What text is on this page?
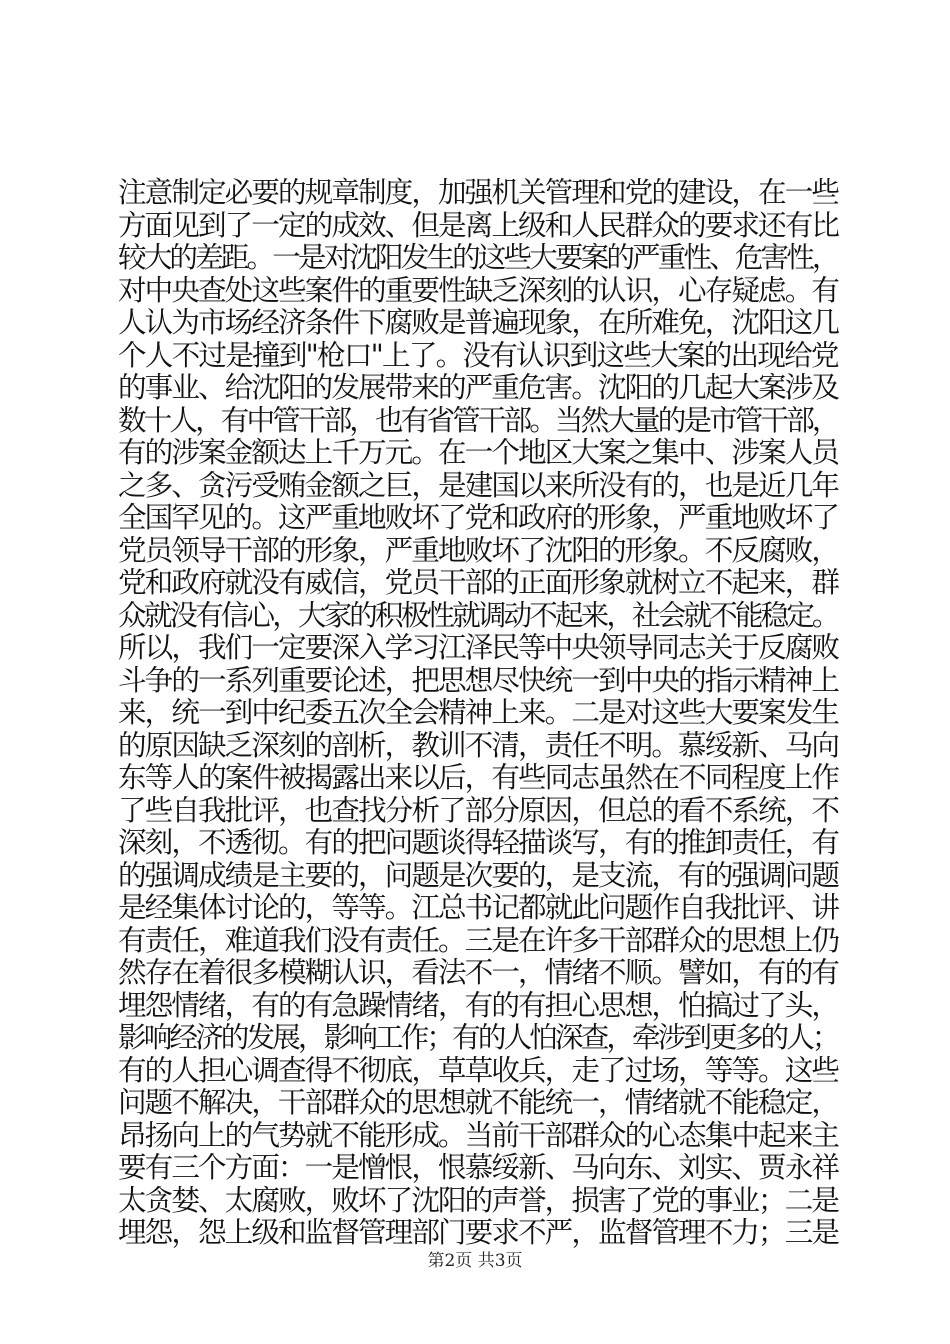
注意制定必要的规章制度，加强机关管理和党的建设，在一些
方面见到了一定的成效、但是离上级和人民群众的要求还有比
较大的差距。一是对沈阳发生的这些大要案的严重性、危害性，
对中央查处这些案件的重要性缺乏深刻的认识，心存疑虑。有
人认为市场经济条件下腐败是普遍现象，在所难免，沈阳这几
个人不过是撞到"枪口"上了。没有认识到这些大案的出现给党
的事业、给沈阳的发展带来的严重危害。沈阳的几起大案涉及
数十人，有中管干部，也有省管干部。当然大量的是市管干部，
有的涉案金额达上千万元。在一个地区大案之集中、涉案人员
之多、贪污受贿金额之巨，是建国以来所没有的，也是近几年
全国罕见的。这严重地败坏了党和政府的形象，严重地败坏了
党员领导干部的形象，严重地败坏了沈阳的形象。不反腐败，
党和政府就没有威信，党员干部的正面形象就树立不起来，群
众就没有信心，大家的积极性就调动不起来，社会就不能稳定。
所以，我们一定要深入学习江泽民等中央领导同志关于反腐败
斗争的一系列重要论述，把思想尽快统一到中央的指示精神上
来，统一到中纪委五次全会精神上来。二是对这些大要案发生
的原因缺乏深刻的剖析，教训不清，责任不明。慕绥新、马向
东等人的案件被揭露出来以后，有些同志虽然在不同程度上作
了些自我批评，也查找分析了部分原因，但总的看不系统，不
深刻，不透彻。有的把问题谈得轻描谈写，有的推卸责任，有
的强调成绩是主要的，问题是次要的，是支流，有的强调问题
是经集体讨论的，等等。江总书记都就此问题作自我批评、讲
有责任，难道我们没有责任。三是在许多干部群众的思想上仍
然存在着很多模糊认识，看法不一，情绪不顺。譬如，有的有
埋怨情绪，有的有急躁情绪，有的有担心思想，怕搞过了头，
影响经济的发展，影响工作；有的人怕深查，牵涉到更多的人；
有的人担心调查得不彻底，草草收兵，走了过场，等等。这些
问题不解决，干部群众的思想就不能统一，情绪就不能稳定，
昂扬向上的气势就不能形成。当前干部群众的心态集中起来主
要有三个方面：一是憎恨，恨慕绥新、马向东、刘实、贾永祥
太贪婪、太腐败，败坏了沈阳的声誉，损害了党的事业；二是
埋怨，怨上级和监督管理部门要求不严，监督管理不力；三是
第2页 共3页
